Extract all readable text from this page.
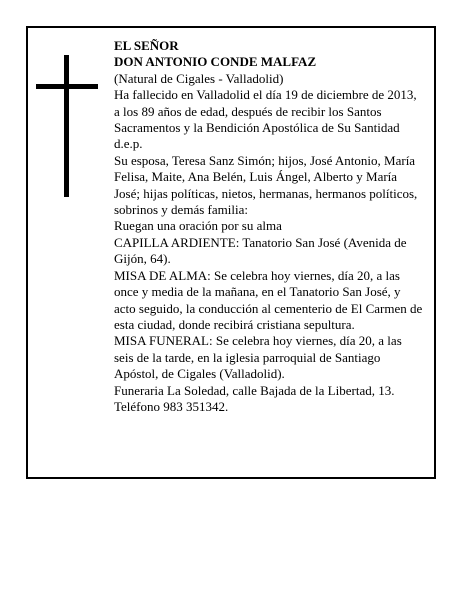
EL SEÑOR

DON ANTONIO CONDE MALFAZ

(Natural de Cigales - Valladolid)

Ha fallecido en Valladolid el día 19 de diciembre de 2013, a los 89 años de edad, después de recibir los Santos Sacramentos y la Bendición Apostólica de Su Santidad

d.e.p.

Su esposa, Teresa Sanz Simón; hijos, José Antonio, María Felisa, Maite, Ana Belén, Luis Ángel, Alberto y María José; hijas políticas, nietos, hermanas, hermanos políticos, sobrinos y demás familia:

Ruegan una oración por su alma

CAPILLA ARDIENTE: Tanatorio San José (Avenida de Gijón, 64).

MISA DE ALMA: Se celebra hoy viernes, día 20, a las once y media de la mañana, en el Tanatorio San José, y acto seguido, la conducción al cementerio de El Carmen de esta ciudad, donde recibirá cristiana sepultura.

MISA FUNERAL: Se celebra hoy viernes, día 20, a las seis de la tarde, en la iglesia parroquial de Santiago Apóstol, de Cigales (Valladolid).

Funeraria La Soledad, calle Bajada de la Libertad, 13. Teléfono 983 351342.
